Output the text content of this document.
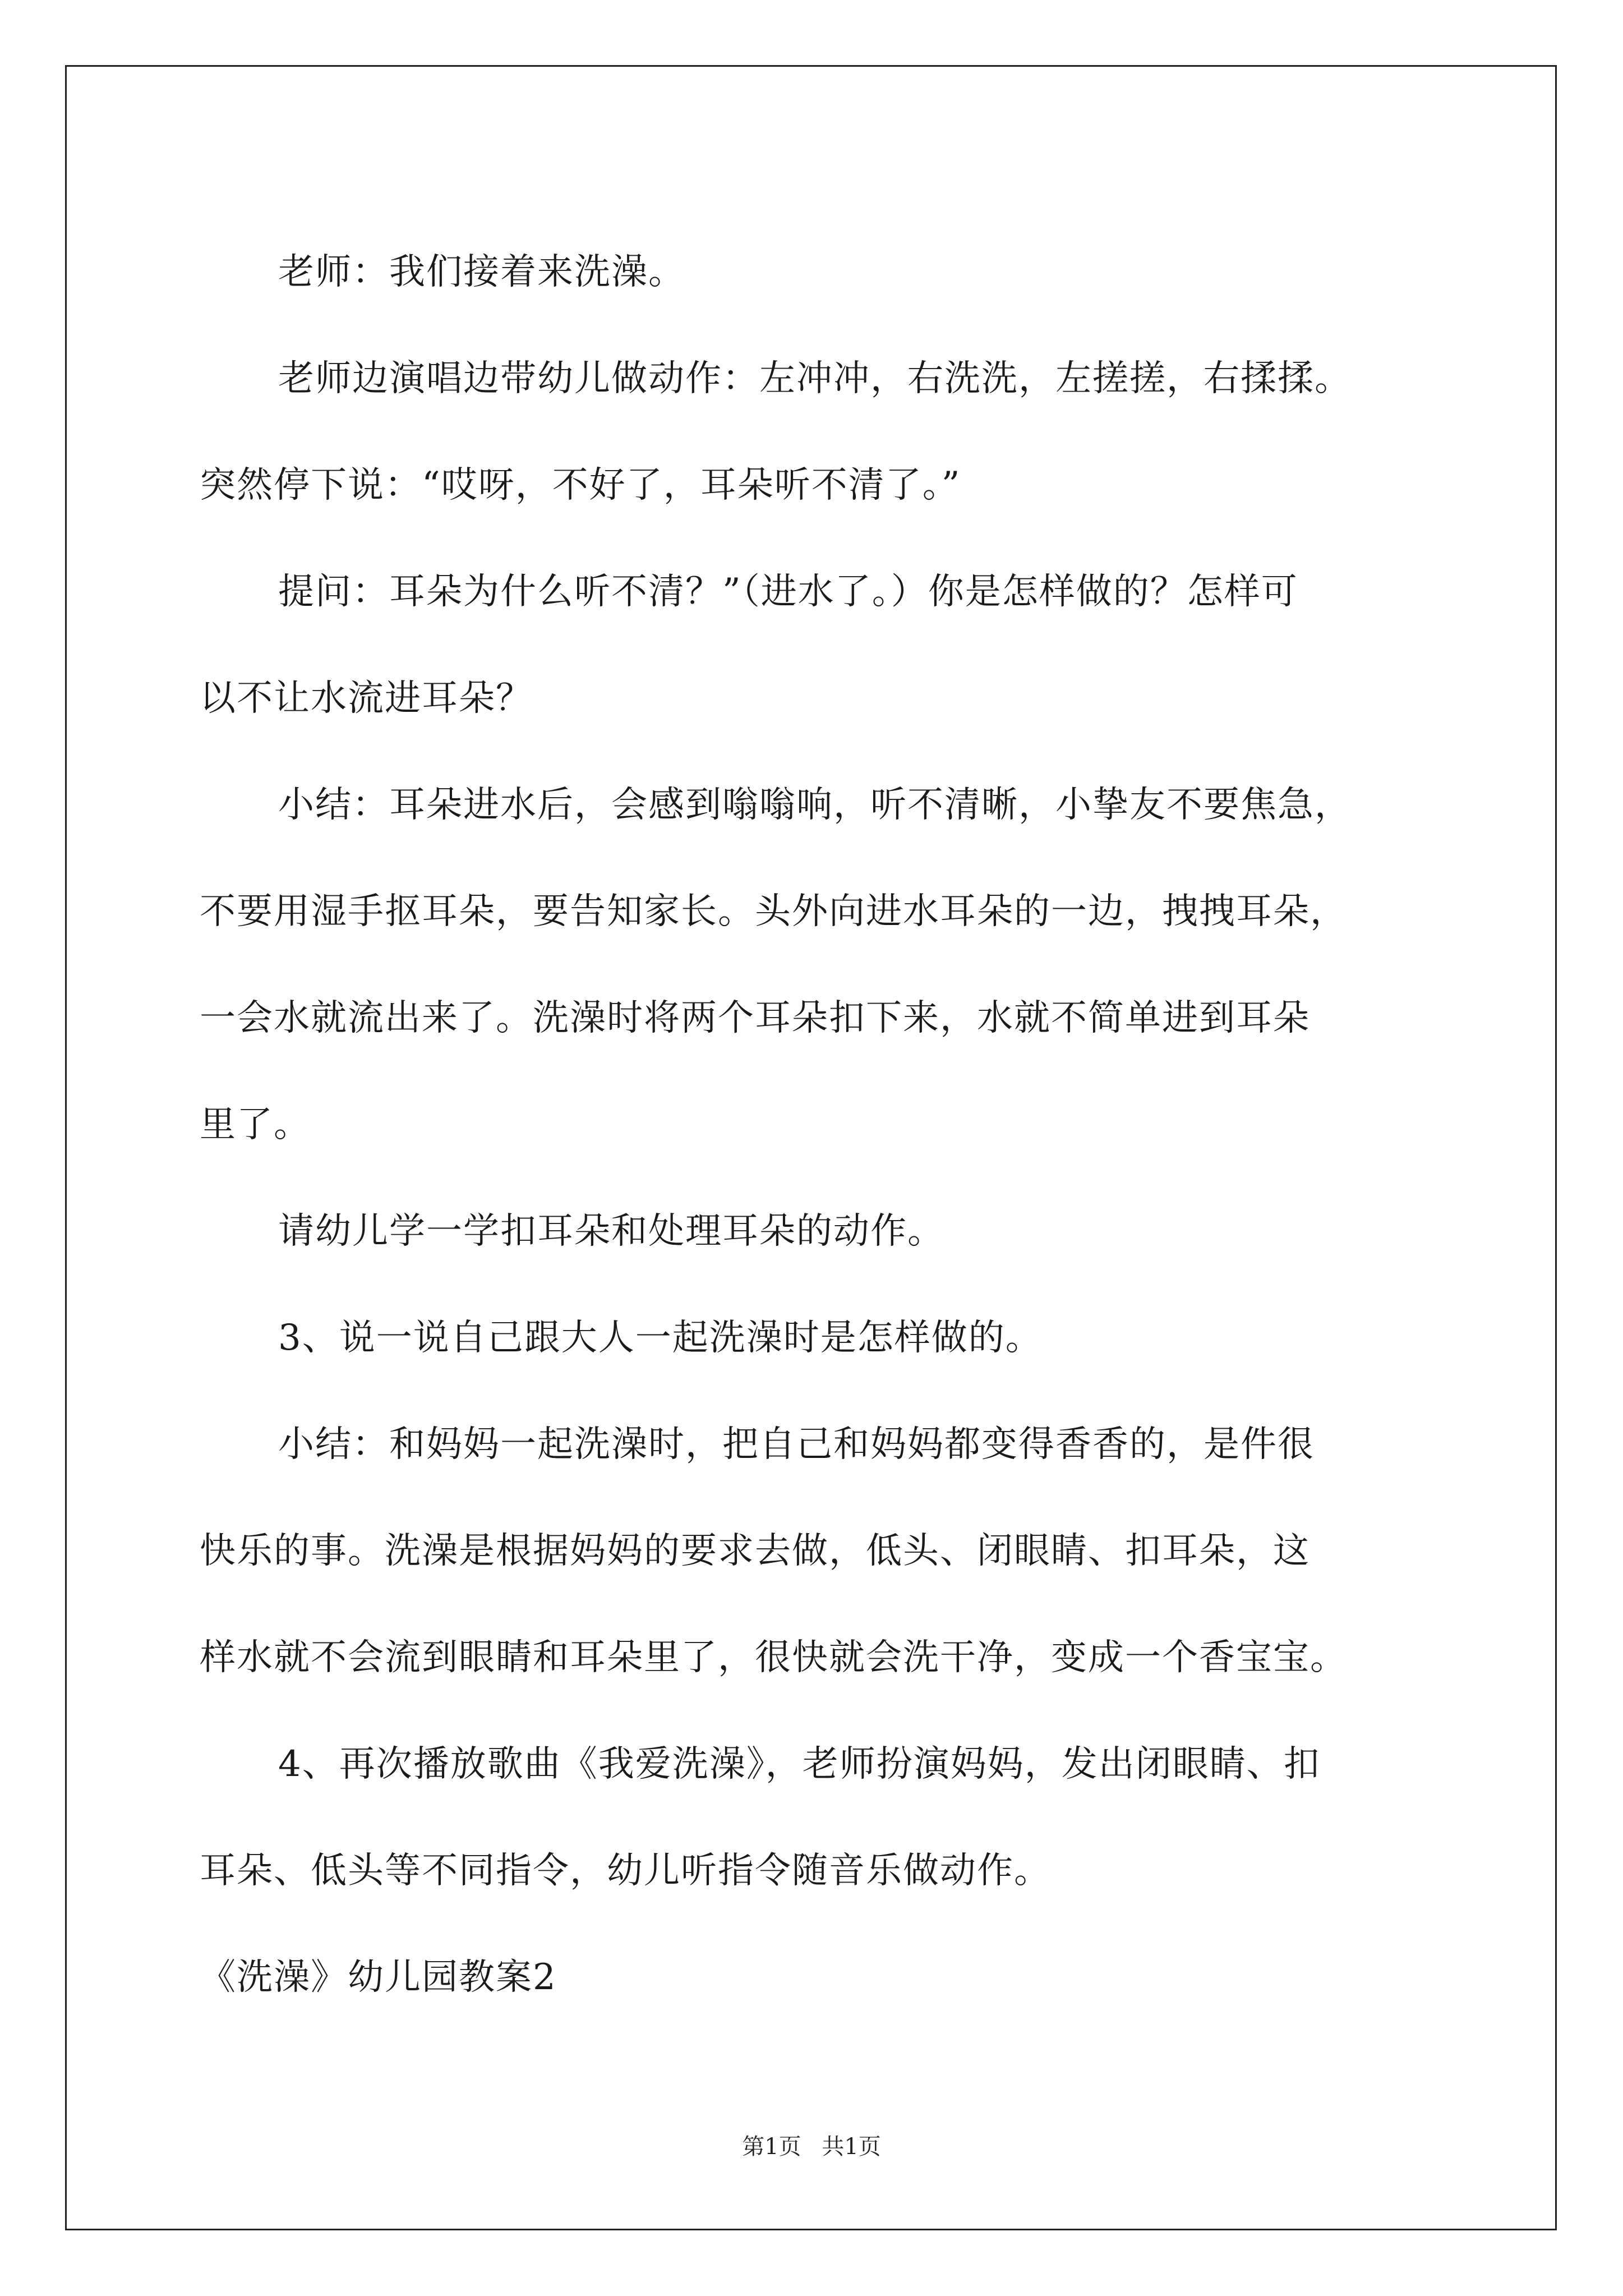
老师：我们接着来洗澡。

老师边演唱边带幼儿做动作：左冲冲，右洗洗，左搓搓，右揉揉。
突然停下说：“哎呀，不好了，耳朵听不清了。”

提问：耳朵为什么听不清？”（进水了。）你是怎样做的？怎样可
以不让水流进耳朵？

小结：耳朵进水后，会感到嗡嗡响，听不清晰，小挚友不要焦急，
不要用湿手抠耳朵，要告知家长。头外向进水耳朵的一边，拽拽耳朵，
一会水就流出来了。洗澡时将两个耳朵扣下来，水就不简单进到耳朵
里了。

请幼儿学一学扣耳朵和处理耳朵的动作。

3、说一说自己跟大人一起洗澡时是怎样做的。

小结：和妈妈一起洗澡时，把自己和妈妈都变得香香的，是件很
快乐的事。洗澡是根据妈妈的要求去做，低头、闭眼睛、扣耳朵，这
样水就不会流到眼睛和耳朵里了，很快就会洗干净，变成一个香宝宝。

4、再次播放歌曲《我爱洗澡》，老师扮演妈妈，发出闭眼睛、扣
耳朵、低头等不同指令，幼儿听指令随音乐做动作。

《洗澡》幼儿园教案2

第1页 共1页
